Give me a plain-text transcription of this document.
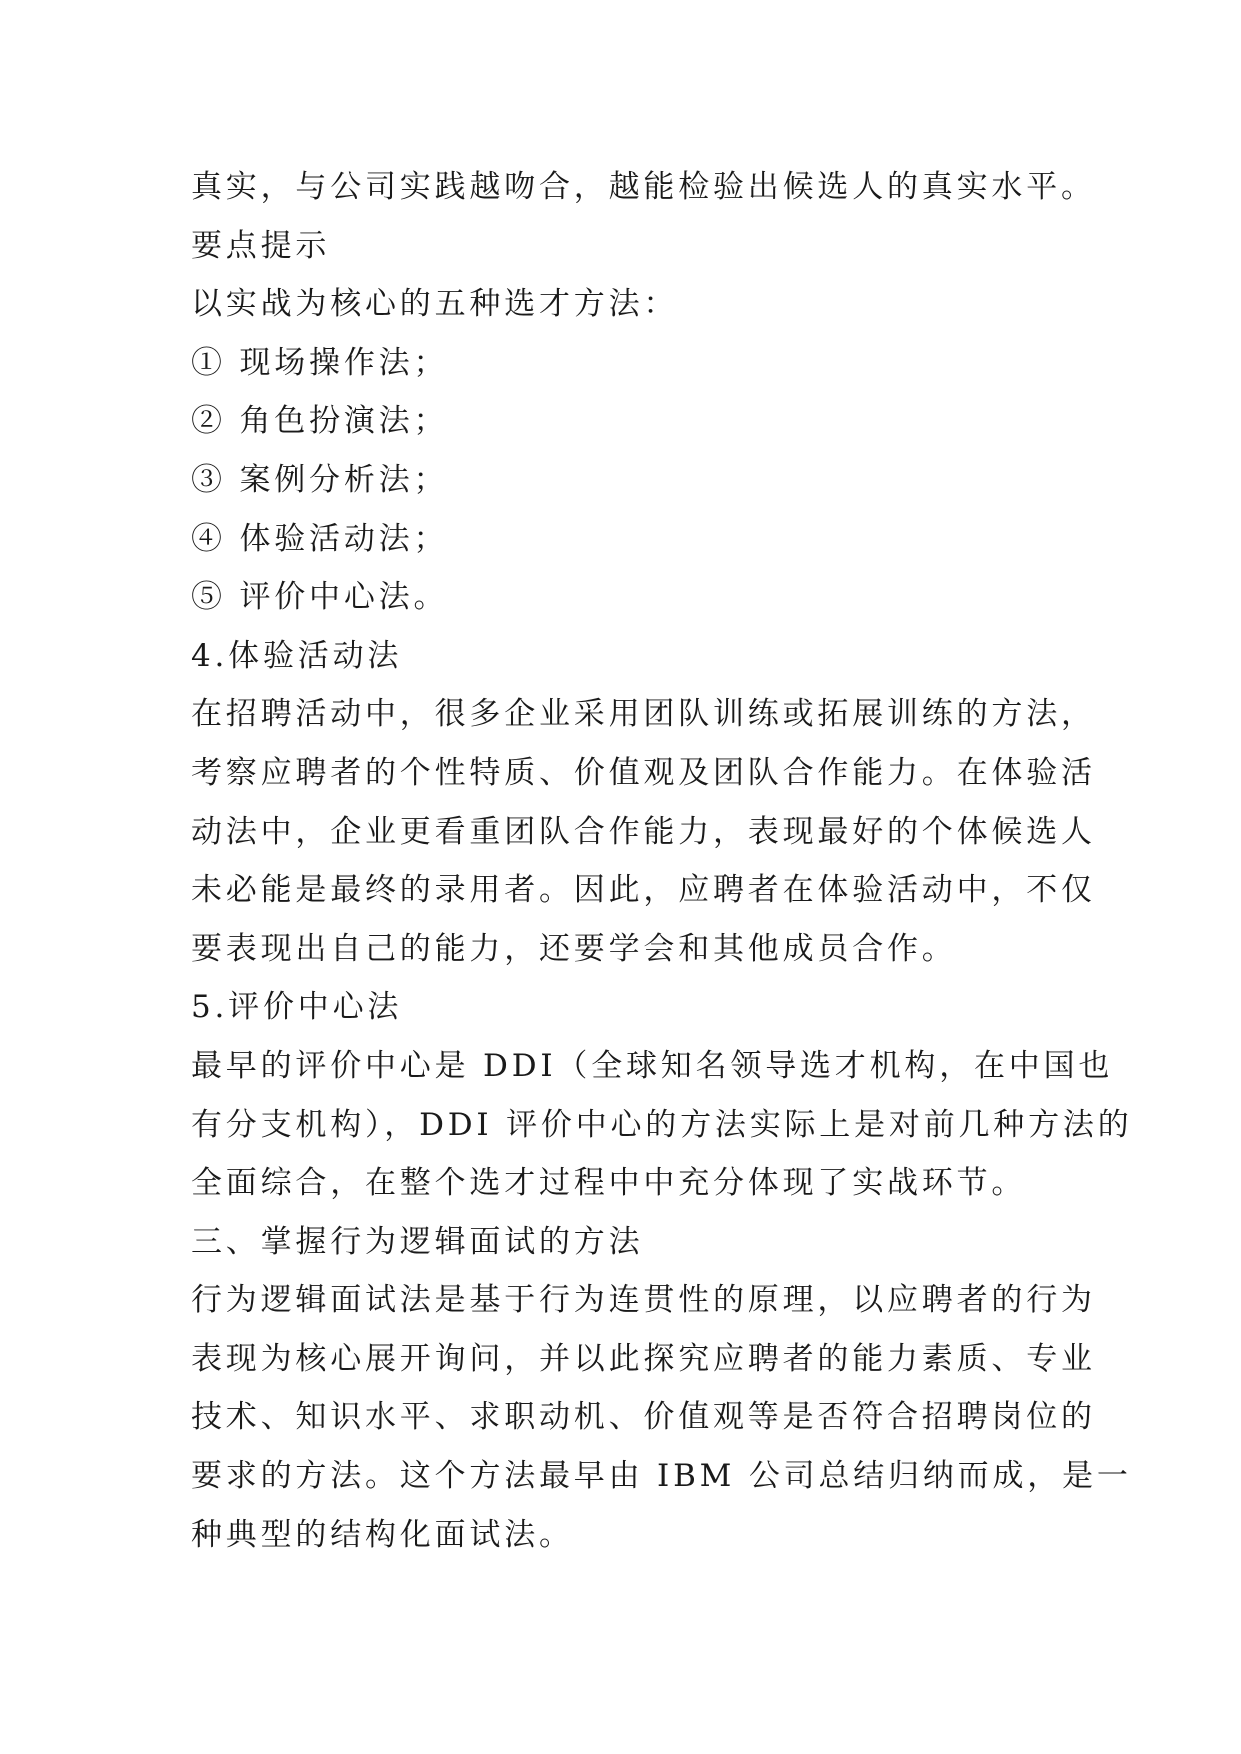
真实，与公司实践越吻合，越能检验出候选人的真实水平。
要点提示
以实战为核心的五种选才方法：
① 现场操作法；
② 角色扮演法；
③ 案例分析法；
④ 体验活动法；
⑤ 评价中心法。
4.体验活动法
在招聘活动中，很多企业采用团队训练或拓展训练的方法，
考察应聘者的个性特质、价值观及团队合作能力。在体验活
动法中，企业更看重团队合作能力，表现最好的个体候选人
未必能是最终的录用者。因此，应聘者在体验活动中，不仅
要表现出自己的能力，还要学会和其他成员合作。
5.评价中心法
最早的评价中心是 DDI（全球知名领导选才机构，在中国也
有分支机构），DDI 评价中心的方法实际上是对前几种方法的
全面综合，在整个选才过程中中充分体现了实战环节。
三、掌握行为逻辑面试的方法
行为逻辑面试法是基于行为连贯性的原理，以应聘者的行为
表现为核心展开询问，并以此探究应聘者的能力素质、专业
技术、知识水平、求职动机、价值观等是否符合招聘岗位的
要求的方法。这个方法最早由 IBM 公司总结归纳而成，是一
种典型的结构化面试法。
